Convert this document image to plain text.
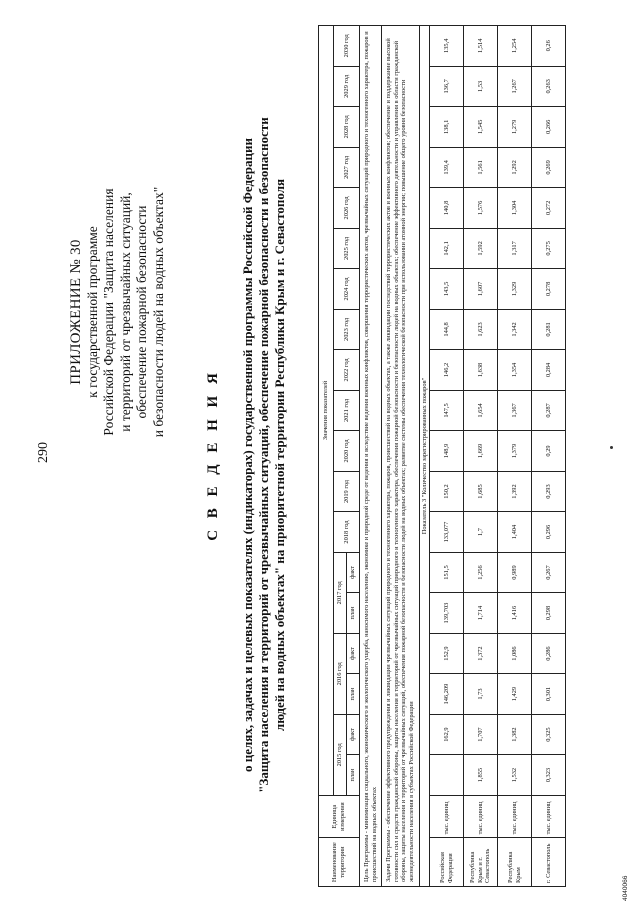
290
ПРИЛОЖЕНИЕ № 30 к государственной программе Российской Федерации "Защита населения и территорий от чрезвычайных ситуаций, обеспечение пожарной безопасности и безопасности людей на водных объектах"
С В Е Д Е Н И Я о целях, задачах и целевых показателях (индикаторах) государственной программы Российской Федерации "Защита населения и территорий от чрезвычайных ситуаций, обеспечение пожарной безопасности и безопасности людей на водных объектах" на приоритетной территории Республики Крым и г. Севастополя
Наименование территории	Единица измерения	Значения показателей																		
		2015 год		2016 год		2017 год		2018 год	2019 год	2020 год	2021 год	2022 год	2023 год	2024 год	2025 год	2026 год	2027 год	2028 год	2029 год	2030 год
		план	факт	план	факт	план	факт													
Цель Программы - минимизация социального, экономического и экологического ущерба, наносимого населению, экономике и природной среде от ведения и вследствие ведения военных конфликтов, совершения террористических актов, чрезвычайных ситуаций природного и техногенного характера, пожаров и происшествий на водных объектах																				
Задачи Программы - обеспечение эффективного предупреждения и ликвидации чрезвычайных ситуаций природного и техногенного характера, пожаров, происшествий на водных объектах, а также ликвидации последствий террористических актов и военных конфликтов; обеспечение и поддержание высокой готовности сил и средств гражданской обороны, защиты населения и территорий от чрезвычайных ситуаций природного и техногенного характера, обеспечения пожарной безопасности и безопасности людей на водных объектах; обеспечение эффективного деятельности и управления в области гражданской обороны, защиты населения и территорий от чрезвычайных ситуаций, обеспечения пожарной безопасности и безопасности людей на водных объектах; развитие системы обеспечения технологической безопасности при использовании атомной энергии; повышение общего уровня безопасности жизнедеятельности населения в субъектах Российской Федерации																				
Показатель 3 "Количество зарегистрированных пожаров"																				
Российская Федерация	тыс. единиц		162,9	146,209	152,9	139,703	151,5	133,077	150,2	148,9	147,5	146,2	144,8	143,5	142,1	140,8	139,4	138,1	136,7	135,4
Республика Крым и г. Севастополь	тыс. единиц	1,855	1,707	1,73	1,372	1,714	1,256	1,7	1,685	1,669	1,654	1,638	1,623	1,607	1,592	1,576	1,561	1,545	1,53	1,514
Республика Крым	тыс. единиц	1,532	1,382	1,429	1,086	1,416	0,989	1,404	1,392	1,379	1,367	1,354	1,342	1,329	1,317	1,304	1,292	1,279	1,267	1,254
г. Севастополь	тыс. единиц	0,323	0,325	0,301	0,286	0,298	0,267	0,296	0,293	0,29	0,287	0,284	0,281	0,278	0,275	0,272	0,269	0,266	0,263	0,26
4040066
